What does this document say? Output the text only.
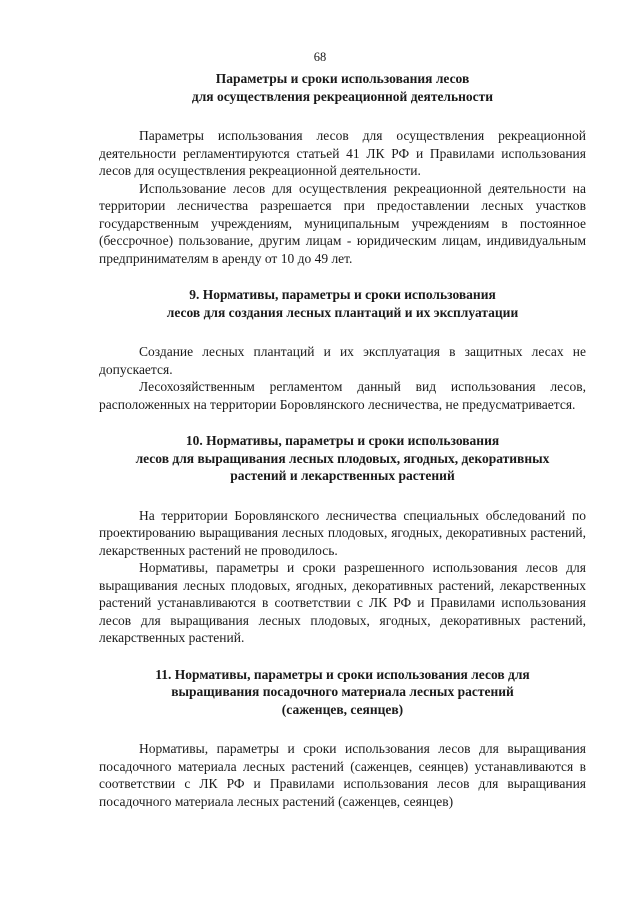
68
Параметры и сроки использования лесов
для осуществления рекреационной деятельности

Параметры использования лесов для осуществления рекреационной деятельности регламентируются статьей 41 ЛК РФ и Правилами использования лесов для осуществления рекреационной деятельности.

Использование лесов для осуществления рекреационной деятельности на территории лесничества разрешается при предоставлении лесных участков государственным учреждениям, муниципальным учреждениям в постоянное (бессрочное) пользование, другим лицам - юридическим лицам, индивидуальным предпринимателям в аренду от 10 до 49 лет.

9. Нормативы, параметры и сроки использования
лесов для создания лесных плантаций и их эксплуатации

Создание лесных плантаций и их эксплуатация в защитных лесах не допускается.

Лесохозяйственным регламентом данный вид использования лесов, расположенных на территории Боровлянского лесничества, не предусматривается.

10. Нормативы, параметры и сроки использования
лесов для выращивания лесных плодовых, ягодных, декоративных
растений и лекарственных растений

На территории Боровлянского лесничества специальных обследований по проектированию выращивания лесных плодовых, ягодных, декоративных растений, лекарственных растений не проводилось.

Нормативы, параметры и сроки разрешенного использования лесов для выращивания лесных плодовых, ягодных, декоративных растений, лекарственных растений устанавливаются в соответствии с ЛК РФ и Правилами использования лесов для выращивания лесных плодовых, ягодных, декоративных растений, лекарственных растений.

11. Нормативы, параметры и сроки использования лесов для
выращивания посадочного материала лесных растений
(саженцев, сеянцев)

Нормативы, параметры и сроки использования лесов для выращивания посадочного материала лесных растений (саженцев, сеянцев) устанавливаются в соответствии с ЛК РФ и Правилами использования лесов для выращивания посадочного материала лесных растений (саженцев, сеянцев)
